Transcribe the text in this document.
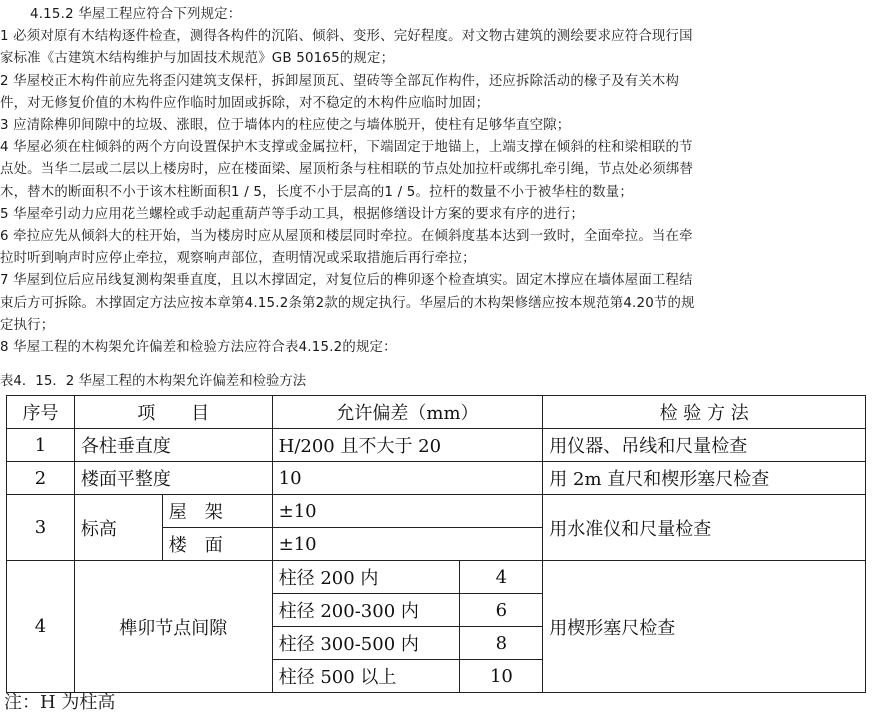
4.15.2 华屋工程应符合下列规定：

1 必须对原有木结构逐件检查，测得各构件的沉陷、倾斜、变形、完好程度。对文物古建筑的测绘要求应符合现行国

家标准《古建筑木结构维护与加固技术规范》GB 50165的规定；

2 华屋校正木构件前应先将歪闪建筑支保杆，拆卸屋顶瓦、望砖等全部瓦作构件，还应拆除活动的椽子及有关木构

件，对无修复价值的木构件应作临时加固或拆除，对不稳定的木构件应临时加固；

3 应清除榫卯间隙中的垃圾、涨眼，位于墙体内的柱应使之与墙体脱开，使柱有足够华直空隙；

4 华屋必须在柱倾斜的两个方向设置保护木支撑或金属拉杆，下端固定于地锚上，上端支撑在倾斜的柱和梁相联的节

点处。当华二层或二层以上楼房时，应在楼面梁、屋顶桁条与柱相联的节点处加拉杆或绑扎牵引绳，节点处必须绑替

木，替木的断面积不小于该木柱断面积1 / 5，长度不小于层高的1 / 5。拉杆的数量不小于被华柱的数量；

5 华屋牵引动力应用花兰螺栓或手动起重葫芦等手动工具，根据修缮设计方案的要求有序的进行；

6 牵拉应先从倾斜大的柱开始，当为楼房时应从屋顶和楼层同时牵拉。在倾斜度基本达到一致时，全面牵拉。当在牵

拉时听到响声时应停止牵拉，观察响声部位，查明情况或采取措施后再行牵拉；

7 华屋到位后应吊线复测构架垂直度，且以木撑固定，对复位后的榫卯逐个检查填实。固定木撑应在墙体屋面工程结

束后方可拆除。木撑固定方法应按本章第4.15.2条第2款的规定执行。华屋后的木构架修缮应按本规范第4.20节的规

定执行；

8 华屋工程的木构架允许偏差和检验方法应符合表4.15.2的规定：

表4．15．2 华屋工程的木构架允许偏差和检验方法
序号	项　　目		允许偏差（mm）		检 验 方 法
1	各柱垂直度		H/200 且不大于 20		用仪器、吊线和尺量检查
2	楼面平整度		10		用 2m 直尺和楔形塞尺检查
3	标高	屋　架	±10		用水准仪和尺量检查
		楼　面	±10		
4	榫卯节点间隙		柱径 200 内	4	用楔形塞尺检查
			柱径 200-300 内	6	
			柱径 300-500 内	8	
			柱径 500 以上	10	
注：H 为柱高
